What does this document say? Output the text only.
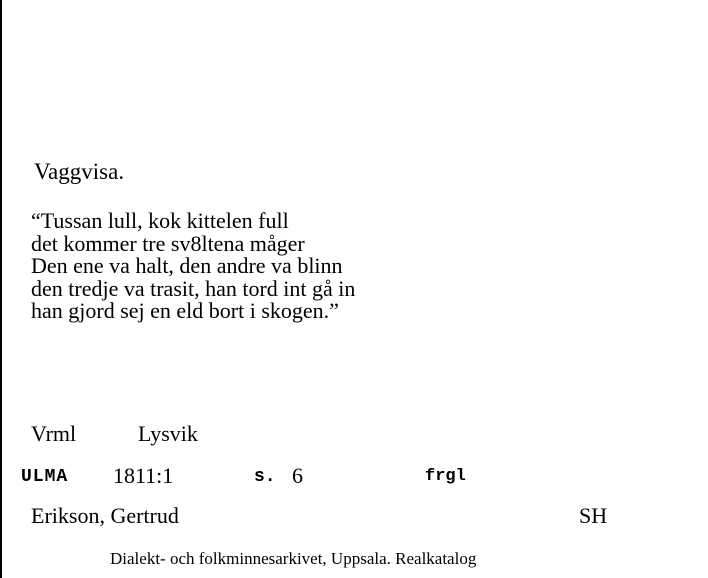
Vaggvisa.
“Tussan lull, kok kittelen full
det kommer tre sv8ltena måger
Den ene va halt, den andre va blinn
den tredje va trasit, han tord int gå in
han gjord sej en eld bort i skogen.”
Vrml	Lysvik
ULMA 1811:1	s. 6	frgl
Erikson, Gertrud	SH
Dialekt- och folkminnesarkivet, Uppsala. Realkatalog
